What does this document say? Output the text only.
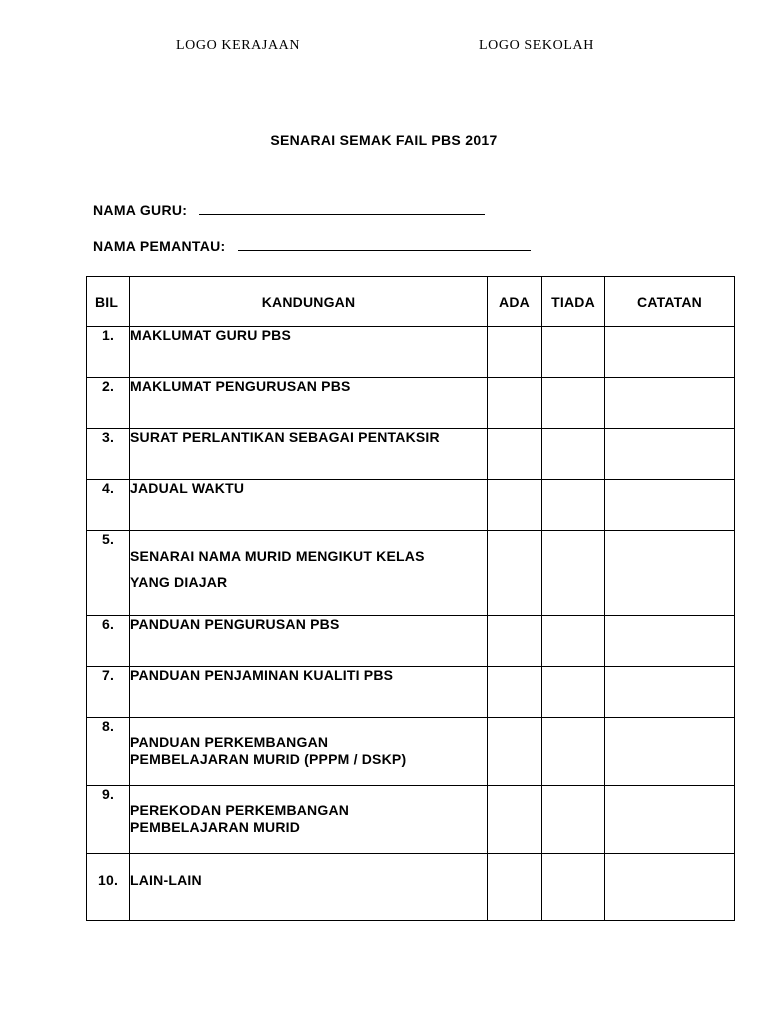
LOGO KERAJAAN	LOGO SEKOLAH
SENARAI SEMAK FAIL PBS 2017
NAMA GURU:
NAMA PEMANTAU:
BIL	KANDUNGAN	ADA	TIADA	CATATAN
1.	MAKLUMAT GURU PBS			
2.	MAKLUMAT PENGURUSAN PBS			
3.	SURAT PERLANTIKAN SEBAGAI PENTAKSIR			
4.	JADUAL WAKTU			
5.	SENARAI NAMA MURID MENGIKUT KELAS
YANG DIAJAR			

6.	PANDUAN PENGURUSAN PBS			
7.	PANDUAN PENJAMINAN KUALITI PBS			
8.	PANDUAN PERKEMBANGAN
PEMBELAJARAN MURID (PPPM / DSKP)			

9.	PEREKODAN PERKEMBANGAN
PEMBELAJARAN MURID			

10.	LAIN-LAIN			
